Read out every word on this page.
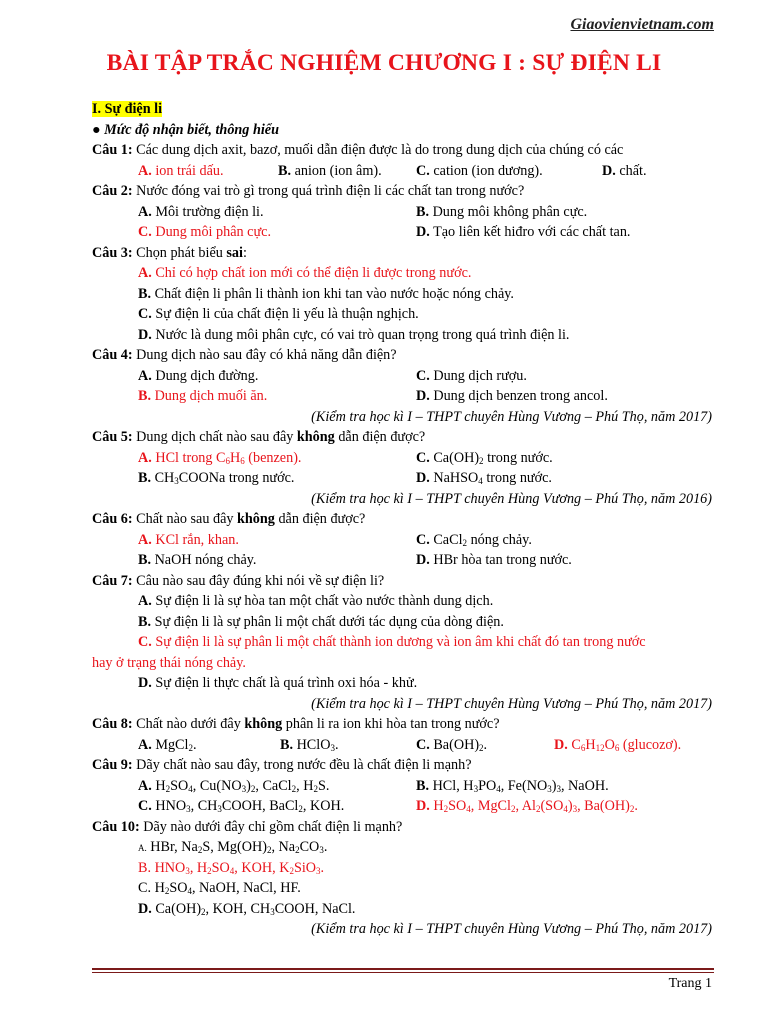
Giaovienvietnam.com
BÀI TẬP TRẮC NGHIỆM CHƯƠNG I : SỰ ĐIỆN LI
I. Sự điện li
● Mức độ nhận biết, thông hiểu
Câu 1: Các dung dịch axit, bazơ, muối dẫn điện được là do trong dung dịch của chúng có các
A. ion trái dấu.	B. anion (ion âm). C. cation (ion dương).	D. chất.
Câu 2: Nước đóng vai trò gì trong quá trình điện li các chất tan trong nước?
A. Môi trường điện li.	B. Dung môi không phân cực.
C. Dung môi phân cực.	D. Tạo liên kết hiđro với các chất tan.
Câu 3: Chọn phát biểu sai:
A. Chỉ có hợp chất ion mới có thể điện li được trong nước.
B. Chất điện li phân li thành ion khi tan vào nước hoặc nóng chảy.
C. Sự điện li của chất điện li yếu là thuận nghịch.
D. Nước là dung môi phân cực, có vai trò quan trọng trong quá trình điện li.
Câu 4: Dung dịch nào sau đây có khả năng dẫn điện?
A. Dung dịch đường.	C. Dung dịch rượu.
B. Dung dịch muối ăn.	D. Dung dịch benzen trong ancol.
(Kiểm tra học kì I – THPT chuyên Hùng Vương – Phú Thọ, năm 2017)
Câu 5: Dung dịch chất nào sau đây không dẫn điện được?
A. HCl trong $C_6H_6$ (benzen).	C. $Ca(OH)_2$ trong nước.
B. $CH_3COONa$ trong nước.	D. NaHSO$_4$ trong nước.
(Kiểm tra học kì I – THPT chuyên Hùng Vương – Phú Thọ, năm 2016)
Câu 6: Chất nào sau đây không dẫn điện được?
A. KCl rắn, khan.	C. CaCl$_2$ nóng chảy.
B. NaOH nóng chảy.	D. HBr hòa tan trong nước.
Câu 7: Câu nào sau đây đúng khi nói về sự điện li?
A. Sự điện li là sự hòa tan một chất vào nước thành dung dịch.
B. Sự điện li là sự phân li một chất dưới tác dụng của dòng điện.
C. Sự điện li là sự phân li một chất thành ion dương và ion âm khi chất đó tan trong nước
hay ở trạng thái nóng chảy.
D. Sự điện li thực chất là quá trình oxi hóa - khử.
(Kiểm tra học kì I – THPT chuyên Hùng Vương – Phú Thọ, năm 2017)
Câu 8: Chất nào dưới đây không phân li ra ion khi hòa tan trong nước?
A. MgCl$_2$.	B. HClO$_3$.	C. $Ba(OH)_2$.	D. $C_6H_{12}O_6$ (glucozơ).
Câu 9: Dãy chất nào sau đây, trong nước đều là chất điện li mạnh?
A. $H_2SO_4$, $Cu(NO_3)_2$, CaCl$_2$, $H_2S$.	B. HCl, $H_3PO_4$, $Fe(NO_3)_3$, NaOH.
C. $HNO_3$, $CH_3COOH$, BaCl$_2$, KOH.	D. $H_2SO_4$, MgCl$_2$, $Al_2(SO_4)_3$, $Ba(OH)_2$.
Câu 10: Dãy nào dưới đây chỉ gồm chất điện li mạnh?
A. HBr, $Na_2S$, $Mg(OH)_2$, $Na_2CO_3$.
B. $HNO_3$, $H_2SO_4$, KOH, $K_2SiO_3$.
C. $H_2SO_4$, NaOH, NaCl, HF.
D. $Ca(OH)_2$, KOH, $CH_3COOH$, NaCl.
(Kiểm tra học kì I – THPT chuyên Hùng Vương – Phú Thọ, năm 2017)
Trang 1
